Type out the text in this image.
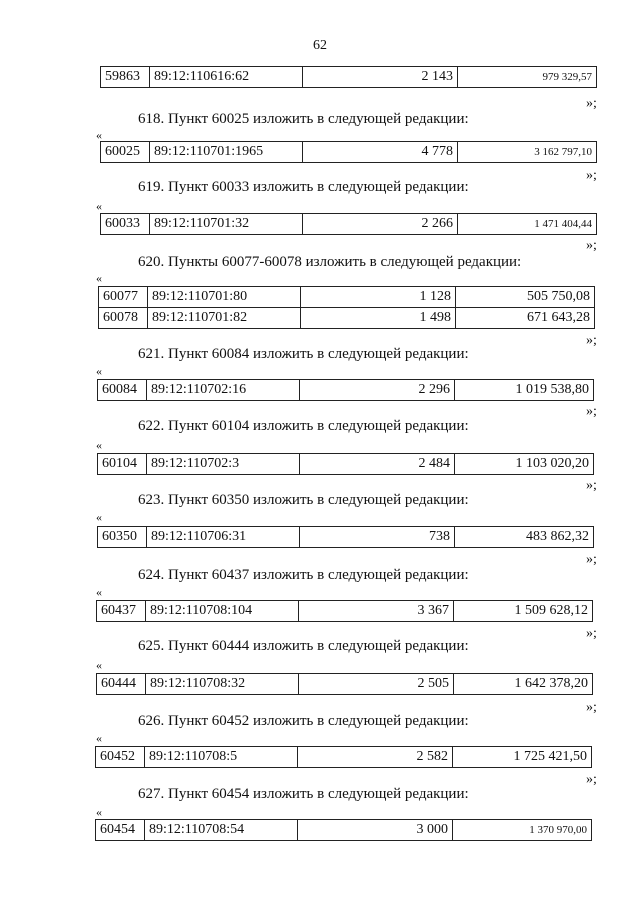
62
59863	89:12:110616:62	2 143	979 329,57
»;
618. Пункт 60025 изложить в следующей редакции:
«
60025	89:12:110701:1965	4 778	3 162 797,10
»;
619. Пункт 60033 изложить в следующей редакции:
«
60033	89:12:110701:32	2 266	1 471 404,44
»;
620. Пункты 60077-60078 изложить в следующей редакции:
«
60077	89:12:110701:80	1 128	505 750,08
60078	89:12:110701:82	1 498	671 643,28
»;
621. Пункт 60084 изложить в следующей редакции:
«
60084	89:12:110702:16	2 296	1 019 538,80
»;
622. Пункт 60104 изложить в следующей редакции:
«
60104	89:12:110702:3	2 484	1 103 020,20
»;
623. Пункт 60350 изложить в следующей редакции:
«
60350	89:12:110706:31	738	483 862,32
»;
624. Пункт 60437 изложить в следующей редакции:
«
60437	89:12:110708:104	3 367	1 509 628,12
»;
625. Пункт 60444 изложить в следующей редакции:
«
60444	89:12:110708:32	2 505	1 642 378,20
»;
626. Пункт 60452 изложить в следующей редакции:
«
60452	89:12:110708:5	2 582	1 725 421,50
»;
627. Пункт 60454 изложить в следующей редакции:
«
60454	89:12:110708:54	3 000	1 370 970,00
